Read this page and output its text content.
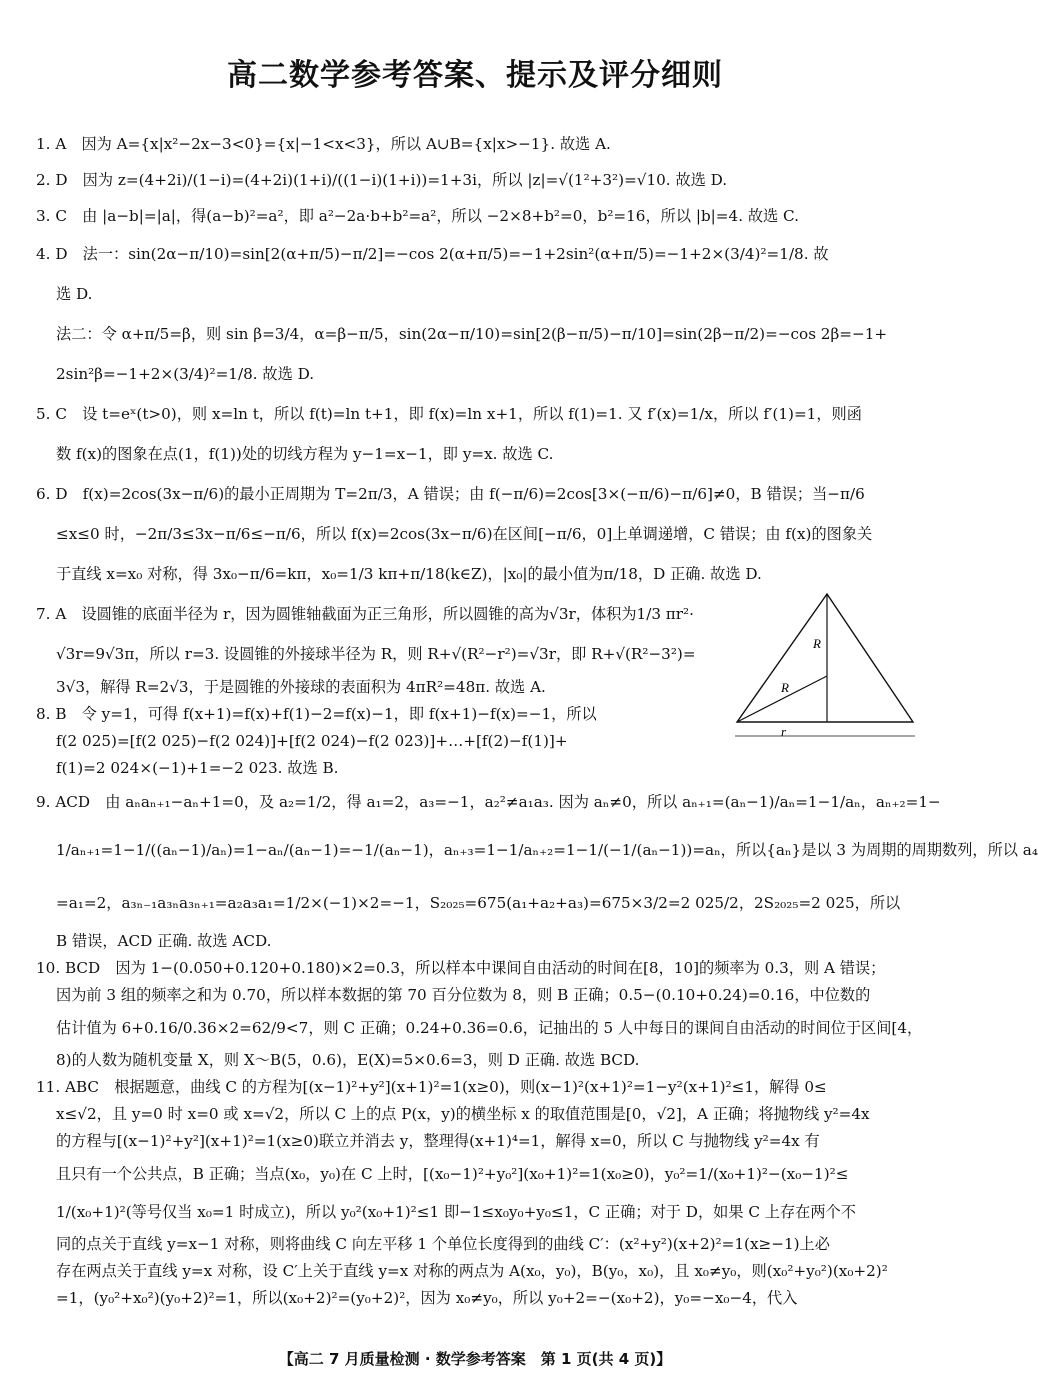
高二数学参考答案、提示及评分细则
1. A　因为 A={x|x²−2x−3<0}={x|−1<x<3}，所以 A∪B={x|x>−1}. 故选 A.
2. D　因为 z=(4+2i)/(1−i)=(4+2i)(1+i)/((1−i)(1+i))=1+3i，所以 |z|=√(1²+3²)=√10. 故选 D.
3. C　由 |a−b|=|a|，得(a−b)²=a²，即 a²−2a·b+b²=a²，所以 −2×8+b²=0，b²=16，所以 |b|=4. 故选 C.
4. D　法一：sin(2α−π/10)=sin[2(α+π/5)−π/2]=−cos 2(α+π/5)=−1+2sin²(α+π/5)=−1+2×(3/4)²=1/8. 故
选 D.
法二：令 α+π/5=β，则 sin β=3/4，α=β−π/5，sin(2α−π/10)=sin[2(β−π/5)−π/10]=sin(2β−π/2)=−cos 2β=−1+
2sin²β=−1+2×(3/4)²=1/8. 故选 D.
5. C　设 t=eˣ(t>0)，则 x=ln t，所以 f(t)=ln t+1，即 f(x)=ln x+1，所以 f(1)=1. 又 f′(x)=1/x，所以 f′(1)=1，则函
数 f(x)的图象在点(1，f(1))处的切线方程为 y−1=x−1，即 y=x. 故选 C.
6. D　f(x)=2cos(3x−π/6)的最小正周期为 T=2π/3，A 错误；由 f(−π/6)=2cos[3×(−π/6)−π/6]≠0，B 错误；当−π/6
≤x≤0 时，−2π/3≤3x−π/6≤−π/6，所以 f(x)=2cos(3x−π/6)在区间[−π/6，0]上单调递增，C 错误；由 f(x)的图象关
于直线 x=x₀ 对称，得 3x₀−π/6=kπ，x₀=1/3 kπ+π/18(k∈Z)，|x₀|的最小值为π/18，D 正确. 故选 D.
7. A　设圆锥的底面半径为 r，因为圆锥轴截面为正三角形，所以圆锥的高为√3r，体积为1/3 πr²·
√3r=9√3π，所以 r=3. 设圆锥的外接球半径为 R，则 R+√(R²−r²)=√3r，即 R+√(R²−3²)=
3√3，解得 R=2√3，于是圆锥的外接球的表面积为 4πR²=48π. 故选 A.
8. B　令 y=1，可得 f(x+1)=f(x)+f(1)−2=f(x)−1，即 f(x+1)−f(x)=−1，所以
f(2 025)=[f(2 025)−f(2 024)]+[f(2 024)−f(2 023)]+…+[f(2)−f(1)]+
f(1)=2 024×(−1)+1=−2 023. 故选 B.
9. ACD　由 aₙaₙ₊₁−aₙ+1=0，及 a₂=1/2，得 a₁=2，a₃=−1，a₂²≠a₁a₃. 因为 aₙ≠0，所以 aₙ₊₁=(aₙ−1)/aₙ=1−1/aₙ，aₙ₊₂=1−
1/aₙ₊₁=1−1/((aₙ−1)/aₙ)=1−aₙ/(aₙ−1)=−1/(aₙ−1)，aₙ₊₃=1−1/aₙ₊₂=1−1/(−1/(aₙ−1))=aₙ，所以{aₙ}是以 3 为周期的周期数列，所以 a₄
=a₁=2，a₃ₙ₋₁a₃ₙa₃ₙ₊₁=a₂a₃a₁=1/2×(−1)×2=−1，S₂₀₂₅=675(a₁+a₂+a₃)=675×3/2=2 025/2，2S₂₀₂₅=2 025，所以
B 错误，ACD 正确. 故选 ACD.
10. BCD　因为 1−(0.050+0.120+0.180)×2=0.3，所以样本中课间自由活动的时间在[8，10]的频率为 0.3，则 A 错误；
因为前 3 组的频率之和为 0.70，所以样本数据的第 70 百分位数为 8，则 B 正确；0.5−(0.10+0.24)=0.16，中位数的
估计值为 6+0.16/0.36×2=62/9<7，则 C 正确；0.24+0.36=0.6，记抽出的 5 人中每日的课间自由活动的时间位于区间[4，
8)的人数为随机变量 X，则 X～B(5，0.6)，E(X)=5×0.6=3，则 D 正确. 故选 BCD.
11. ABC　根据题意，曲线 C 的方程为[(x−1)²+y²](x+1)²=1(x≥0)，则(x−1)²(x+1)²=1−y²(x+1)²≤1，解得 0≤
x≤√2，且 y=0 时 x=0 或 x=√2，所以 C 上的点 P(x，y)的横坐标 x 的取值范围是[0，√2]，A 正确；将抛物线 y²=4x
的方程与[(x−1)²+y²](x+1)²=1(x≥0)联立并消去 y，整理得(x+1)⁴=1，解得 x=0，所以 C 与抛物线 y²=4x 有
且只有一个公共点，B 正确；当点(x₀，y₀)在 C 上时，[(x₀−1)²+y₀²](x₀+1)²=1(x₀≥0)，y₀²=1/(x₀+1)²−(x₀−1)²≤
1/(x₀+1)²(等号仅当 x₀=1 时成立)，所以 y₀²(x₀+1)²≤1 即−1≤x₀y₀+y₀≤1，C 正确；对于 D，如果 C 上存在两个不
同的点关于直线 y=x−1 对称，则将曲线 C 向左平移 1 个单位长度得到的曲线 C′：(x²+y²)(x+2)²=1(x≥−1)上必
存在两点关于直线 y=x 对称，设 C′上关于直线 y=x 对称的两点为 A(x₀，y₀)，B(y₀，x₀)，且 x₀≠y₀，则(x₀²+y₀²)(x₀+2)²
=1，(y₀²+x₀²)(y₀+2)²=1，所以(x₀+2)²=(y₀+2)²，因为 x₀≠y₀，所以 y₀+2=−(x₀+2)，y₀=−x₀−4，代入
R
R
r
【高二 7 月质量检测 · 数学参考答案　第 1 页(共 4 页)】
